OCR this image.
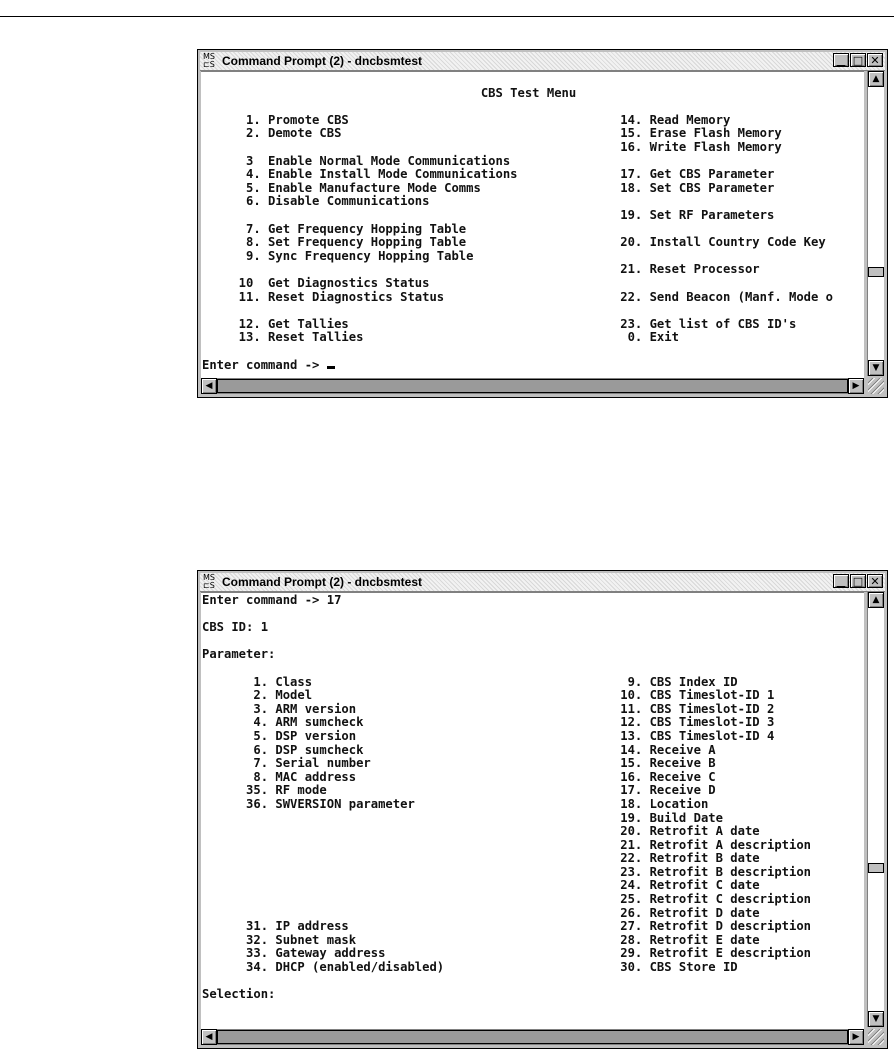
MS
⊏S Command Prompt (2) - dncbsmtest	▁ □ ✕

CBS Test Menu

1. Promote CBS                                     14. Read Memory
2. Demote CBS                                      15. Erase Flash Memory
16. Write Flash Memory
3  Enable Normal Mode Communications
4. Enable Install Mode Communications              17. Get CBS Parameter
5. Enable Manufacture Mode Comms                   18. Set CBS Parameter
6. Disable Communications
19. Set RF Parameters
7. Get Frequency Hopping Table
8. Set Frequency Hopping Table                     20. Install Country Code Key
9. Sync Frequency Hopping Table
21. Reset Processor
10  Get Diagnostics Status
11. Reset Diagnostics Status                        22. Send Beacon (Manf. Mode o

12. Get Tallies                                     23. Get list of CBS ID's
13. Reset Tallies                                    0. Exit

Enter command ->
▲
▼
◀	▶
MS
⊏S Command Prompt (2) - dncbsmtest	▁ □ ✕
Enter command -> 17

CBS ID: 1

Parameter:

1. Class                                           9. CBS Index ID
2. Model                                          10. CBS Timeslot-ID 1
3. ARM version                                    11. CBS Timeslot-ID 2
4. ARM sumcheck                                   12. CBS Timeslot-ID 3
5. DSP version                                    13. CBS Timeslot-ID 4
6. DSP sumcheck                                   14. Receive A
7. Serial number                                  15. Receive B
8. MAC address                                    16. Receive C
35. RF mode                                        17. Receive D
36. SWVERSION parameter                            18. Location
19. Build Date
20. Retrofit A date
21. Retrofit A description
22. Retrofit B date
23. Retrofit B description
24. Retrofit C date
25. Retrofit C description
26. Retrofit D date
31. IP address                                     27. Retrofit D description
32. Subnet mask                                    28. Retrofit E date
33. Gateway address                                29. Retrofit E description
34. DHCP (enabled/disabled)                        30. CBS Store ID

Selection:

▲
▼
◀	▶
